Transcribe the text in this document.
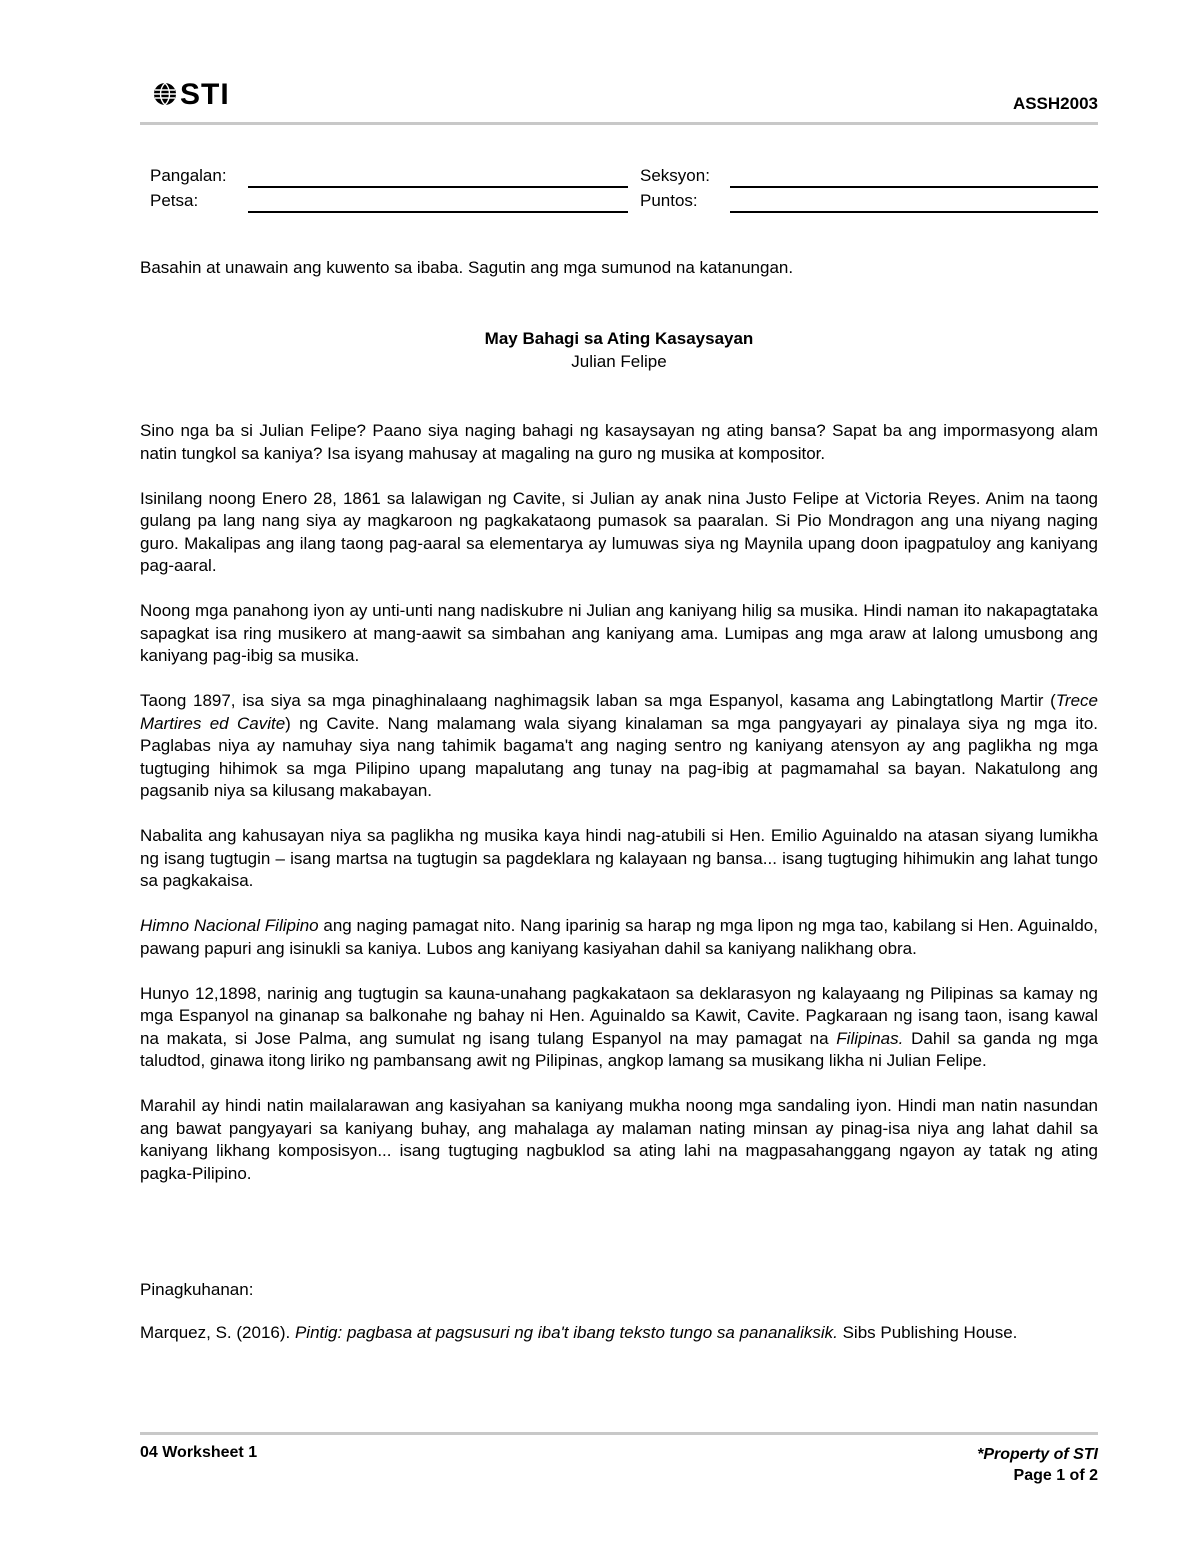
STI	ASSH2003
Pangalan:	Seksyon:
Petsa:	Puntos:
Basahin at unawain ang kuwento sa ibaba. Sagutin ang mga sumunod na katanungan.
May Bahagi sa Ating Kasaysayan
Julian Felipe

Sino nga ba si Julian Felipe? Paano siya naging bahagi ng kasaysayan ng ating bansa? Sapat ba ang impormasyong alam natin tungkol sa kaniya? Isa isyang mahusay at magaling na guro ng musika at kompositor.

Isinilang noong Enero 28, 1861 sa lalawigan ng Cavite, si Julian ay anak nina Justo Felipe at Victoria Reyes. Anim na taong gulang pa lang nang siya ay magkaroon ng pagkakataong pumasok sa paaralan. Si Pio Mondragon ang una niyang naging guro. Makalipas ang ilang taong pag-aaral sa elementarya ay lumuwas siya ng Maynila upang doon ipagpatuloy ang kaniyang pag-aaral.

Noong mga panahong iyon ay unti-unti nang nadiskubre ni Julian ang kaniyang hilig sa musika. Hindi naman ito nakapagtataka sapagkat isa ring musikero at mang-aawit sa simbahan ang kaniyang ama. Lumipas ang mga araw at lalong umusbong ang kaniyang pag-ibig sa musika.

Taong 1897, isa siya sa mga pinaghinalaang naghimagsik laban sa mga Espanyol, kasama ang Labingtatlong Martir (Trece Martires ed Cavite) ng Cavite. Nang malamang wala siyang kinalaman sa mga pangyayari ay pinalaya siya ng mga ito. Paglabas niya ay namuhay siya nang tahimik bagama't ang naging sentro ng kaniyang atensyon ay ang paglikha ng mga tugtuging hihimok sa mga Pilipino upang mapalutang ang tunay na pag-ibig at pagmamahal sa bayan. Nakatulong ang pagsanib niya sa kilusang makabayan.

Nabalita ang kahusayan niya sa paglikha ng musika kaya hindi nag-atubili si Hen. Emilio Aguinaldo na atasan siyang lumikha ng isang tugtugin – isang martsa na tugtugin sa pagdeklara ng kalayaan ng bansa... isang tugtuging hihimukin ang lahat tungo sa pagkakaisa.

Himno Nacional Filipino ang naging pamagat nito. Nang iparinig sa harap ng mga lipon ng mga tao, kabilang si Hen. Aguinaldo, pawang papuri ang isinukli sa kaniya. Lubos ang kaniyang kasiyahan dahil sa kaniyang nalikhang obra.

Hunyo 12,1898, narinig ang tugtugin sa kauna-unahang pagkakataon sa deklarasyon ng kalayaang ng Pilipinas sa kamay ng mga Espanyol na ginanap sa balkonahe ng bahay ni Hen. Aguinaldo sa Kawit, Cavite. Pagkaraan ng isang taon, isang kawal na makata, si Jose Palma, ang sumulat ng isang tulang Espanyol na may pamagat na Filipinas. Dahil sa ganda ng mga taludtod, ginawa itong liriko ng pambansang awit ng Pilipinas, angkop lamang sa musikang likha ni Julian Felipe.

Marahil ay hindi natin mailalarawan ang kasiyahan sa kaniyang mukha noong mga sandaling iyon. Hindi man natin nasundan ang bawat pangyayari sa kaniyang buhay, ang mahalaga ay malaman nating minsan ay pinag-isa niya ang lahat dahil sa kaniyang likhang komposisyon... isang tugtuging nagbuklod sa ating lahi na magpasahanggang ngayon ay tatak ng ating pagka-Pilipino.

Pinagkuhanan:
Marquez, S. (2016). Pintig: pagbasa at pagsusuri ng iba't ibang teksto tungo sa pananaliksik. Sibs Publishing House.
04 Worksheet 1	*Property of STI
Page 1 of 2
